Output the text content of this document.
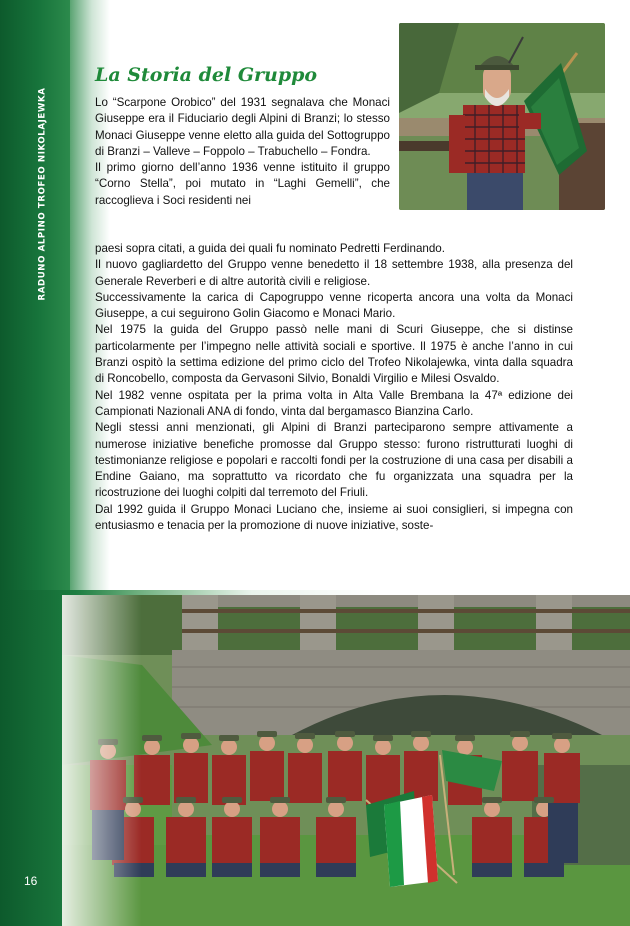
RADUNO ALPINO TROFEO NIKOLAJEWKA
La Storia del Gruppo

Lo “Scarpone Orobico” del 1931 segnalava che Monaci Giuseppe era il Fiduciario degli Alpini di Branzi; lo stesso Monaci Giuseppe venne eletto alla guida del Sottogruppo di Branzi – Valleve – Foppolo – Trabuchello – Fondra.

Il primo giorno dell’anno 1936 venne istituito il gruppo “Corno Stella”, poi mutato in “Laghi Gemelli”, che raccoglieva i Soci residenti nei

paesi sopra citati, a guida dei quali fu nominato Pedretti Ferdinando.

Il nuovo gagliardetto del Gruppo venne benedetto il 18 settembre 1938, alla presenza del Generale Reverberi e di altre autorità civili e religiose.

Successivamente la carica di Capogruppo venne ricoperta ancora una volta da Monaci Giuseppe, a cui seguirono Golin Giacomo e Monaci Mario.

Nel 1975 la guida del Gruppo passò nelle mani di Scuri Giuseppe, che si distinse particolarmente per l’impegno nelle attività sociali e sportive. Il 1975 è anche l’anno in cui Branzi ospitò la settima edizione del primo ciclo del Trofeo Nikolajewka, vinta dalla squadra di Roncobello, composta da Gervasoni Silvio, Bonaldi Virgilio e Milesi Osvaldo.

Nel 1982 venne ospitata per la prima volta in Alta Valle Brembana la 47ª edizione dei Campionati Nazionali ANA di fondo, vinta dal bergamasco Bianzina Carlo.

Negli stessi anni menzionati, gli Alpini di Branzi parteciparono sempre attivamente a numerose iniziative benefiche promosse dal Gruppo stesso: furono ristrutturati luoghi di testimonianze religiose e popolari e raccolti fondi per la costruzione di una casa per disabili a Endine Gaiano, ma soprattutto va ricordato che fu organizzata una squadra per la ricostruzione dei luoghi colpiti dal terremoto del Friuli.

Dal 1992 guida il Gruppo Monaci Luciano che, insieme ai suoi consiglieri, si impegna con entusiasmo e tenacia per la promozione di nuove iniziative, soste-

16
